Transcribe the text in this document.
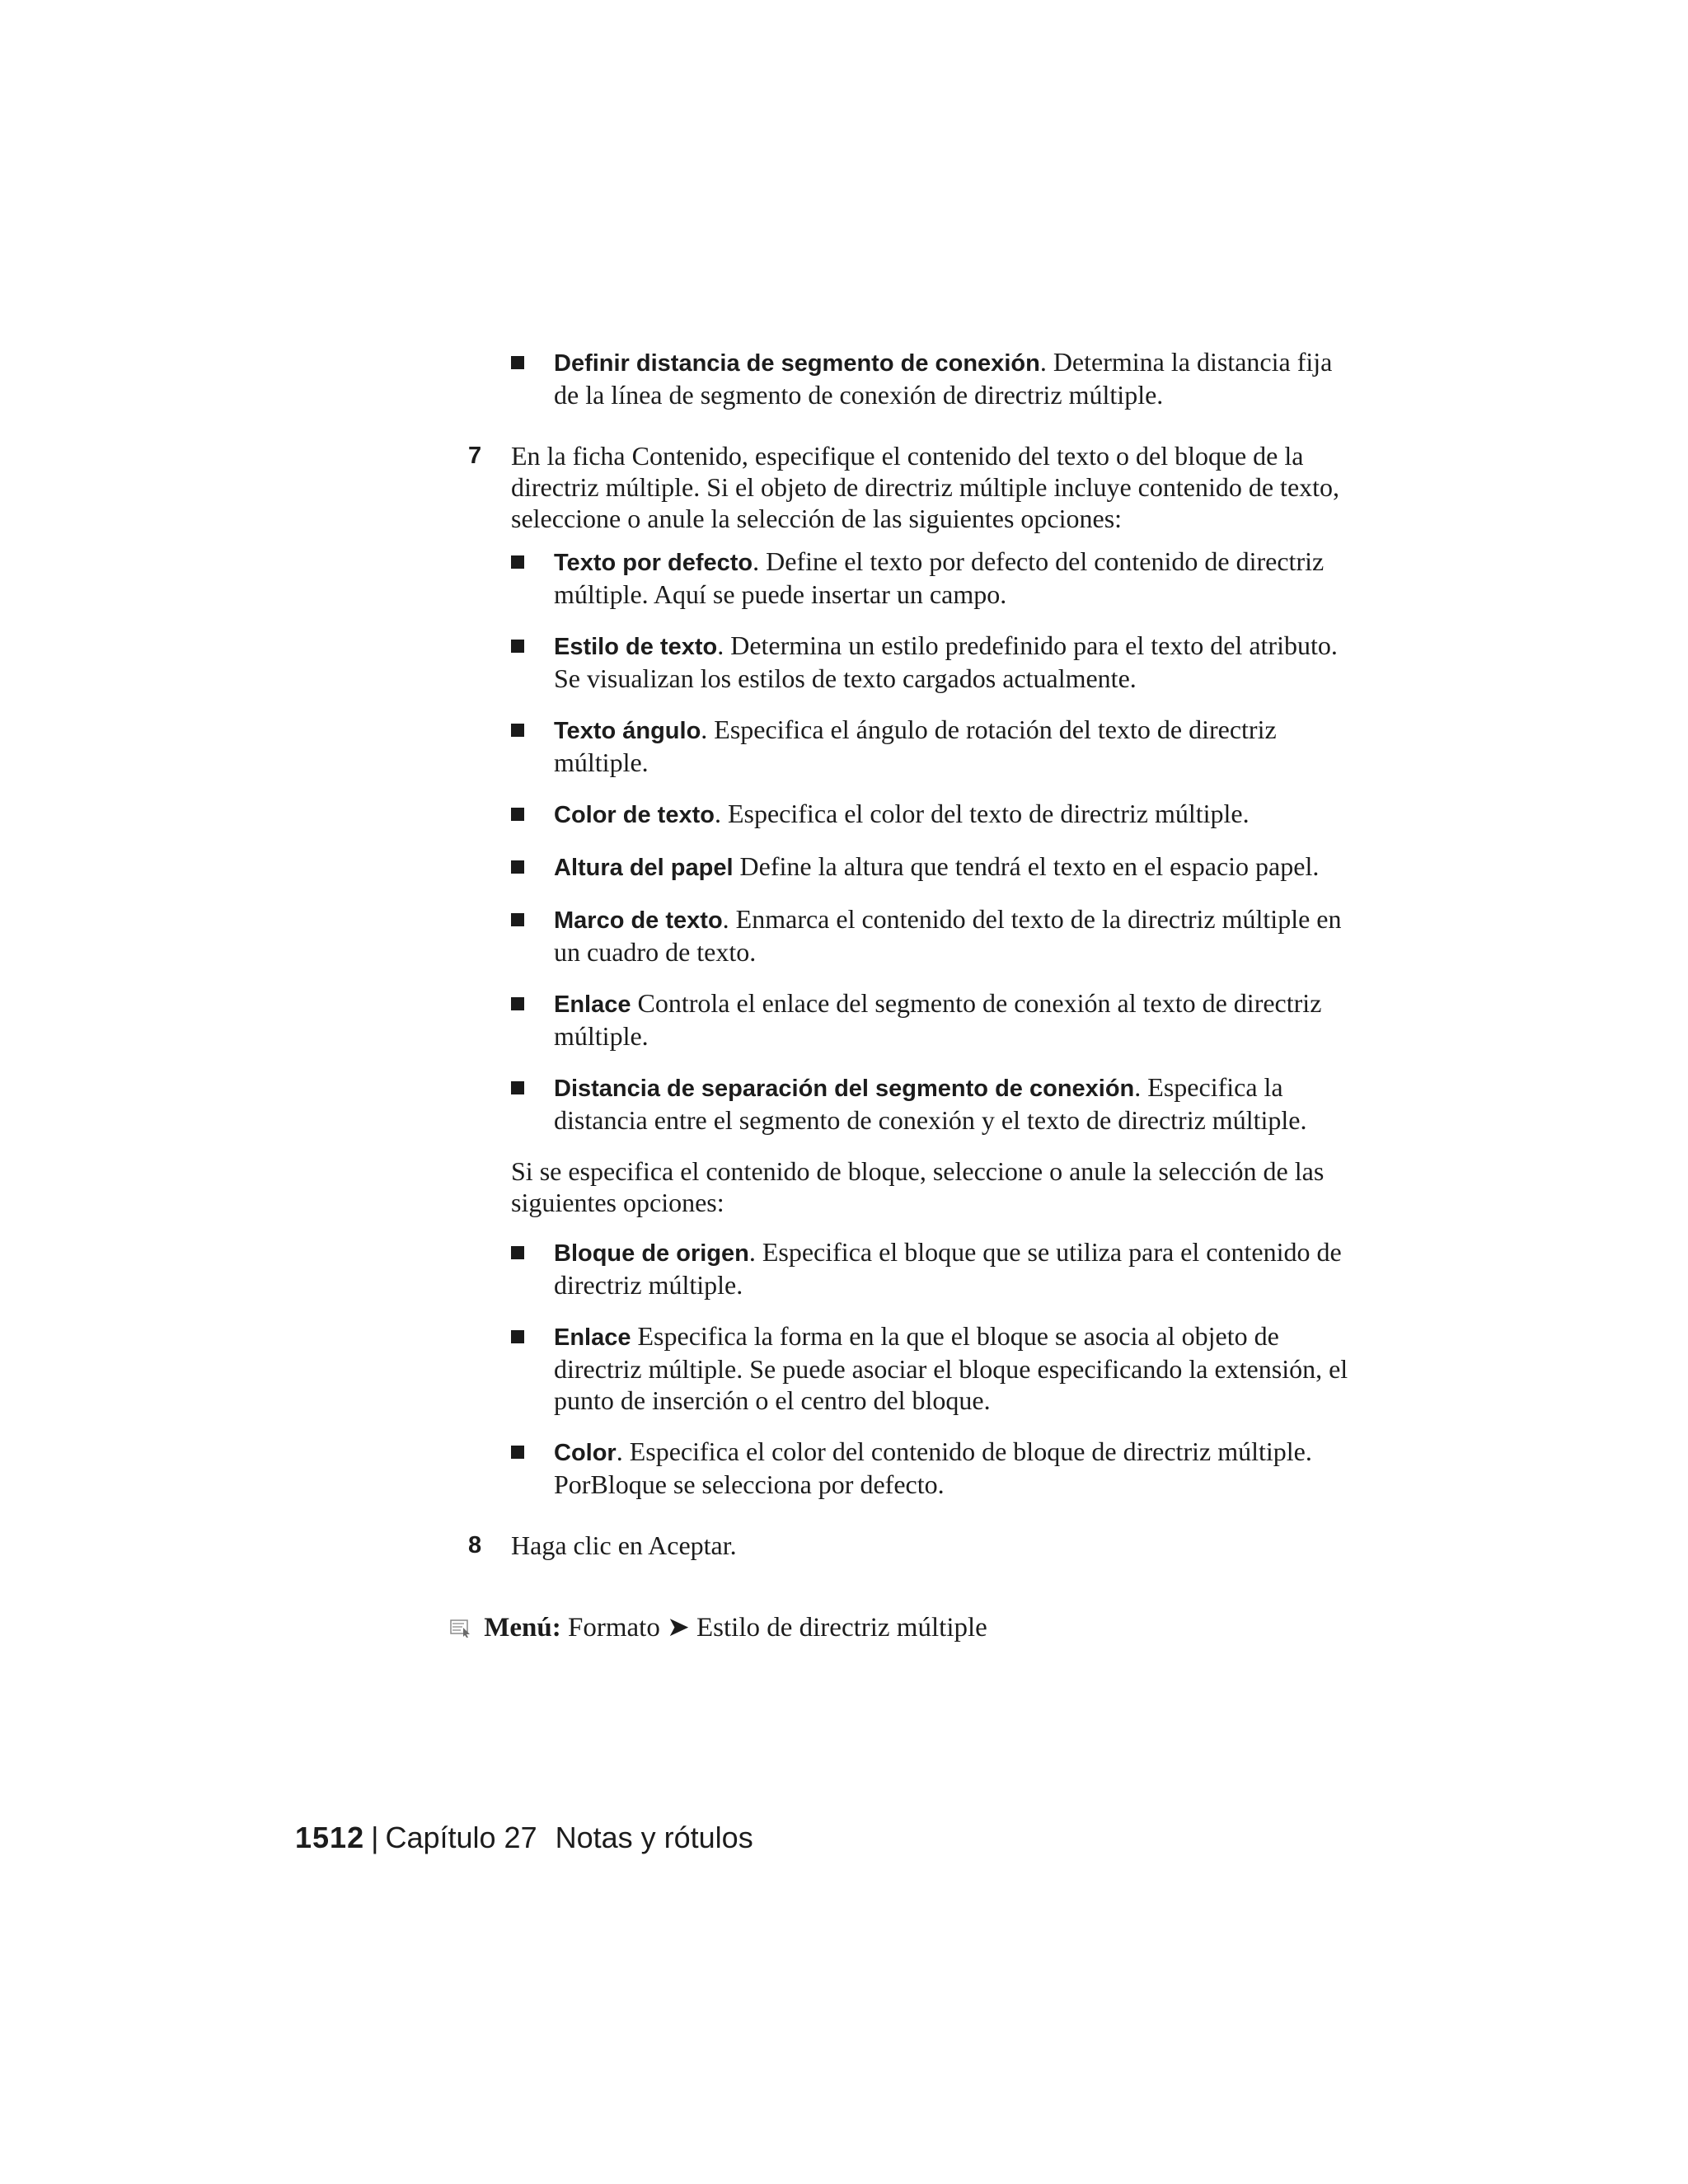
Definir distancia de segmento de conexión. Determina la distancia fija de la línea de segmento de conexión de directriz múltiple.
7 En la ficha Contenido, especifique el contenido del texto o del bloque de la directriz múltiple. Si el objeto de directriz múltiple incluye contenido de texto, seleccione o anule la selección de las siguientes opciones:
Texto por defecto. Define el texto por defecto del contenido de directriz múltiple. Aquí se puede insertar un campo.
Estilo de texto. Determina un estilo predefinido para el texto del atributo. Se visualizan los estilos de texto cargados actualmente.
Texto ángulo. Especifica el ángulo de rotación del texto de directriz múltiple.
Color de texto. Especifica el color del texto de directriz múltiple.
Altura del papel Define la altura que tendrá el texto en el espacio papel.
Marco de texto. Enmarca el contenido del texto de la directriz múltiple en un cuadro de texto.
Enlace Controla el enlace del segmento de conexión al texto de directriz múltiple.
Distancia de separación del segmento de conexión. Especifica la distancia entre el segmento de conexión y el texto de directriz múltiple.
Si se especifica el contenido de bloque, seleccione o anule la selección de las siguientes opciones:
Bloque de origen. Especifica el bloque que se utiliza para el contenido de directriz múltiple.
Enlace Especifica la forma en la que el bloque se asocia al objeto de directriz múltiple. Se puede asociar el bloque especificando la extensión, el punto de inserción o el centro del bloque.
Color. Especifica el color del contenido de bloque de directriz múltiple. PorBloque se selecciona por defecto.
8 Haga clic en Aceptar.
Menú: Formato ➤ Estilo de directriz múltiple
1512 | Capítulo 27 Notas y rótulos
